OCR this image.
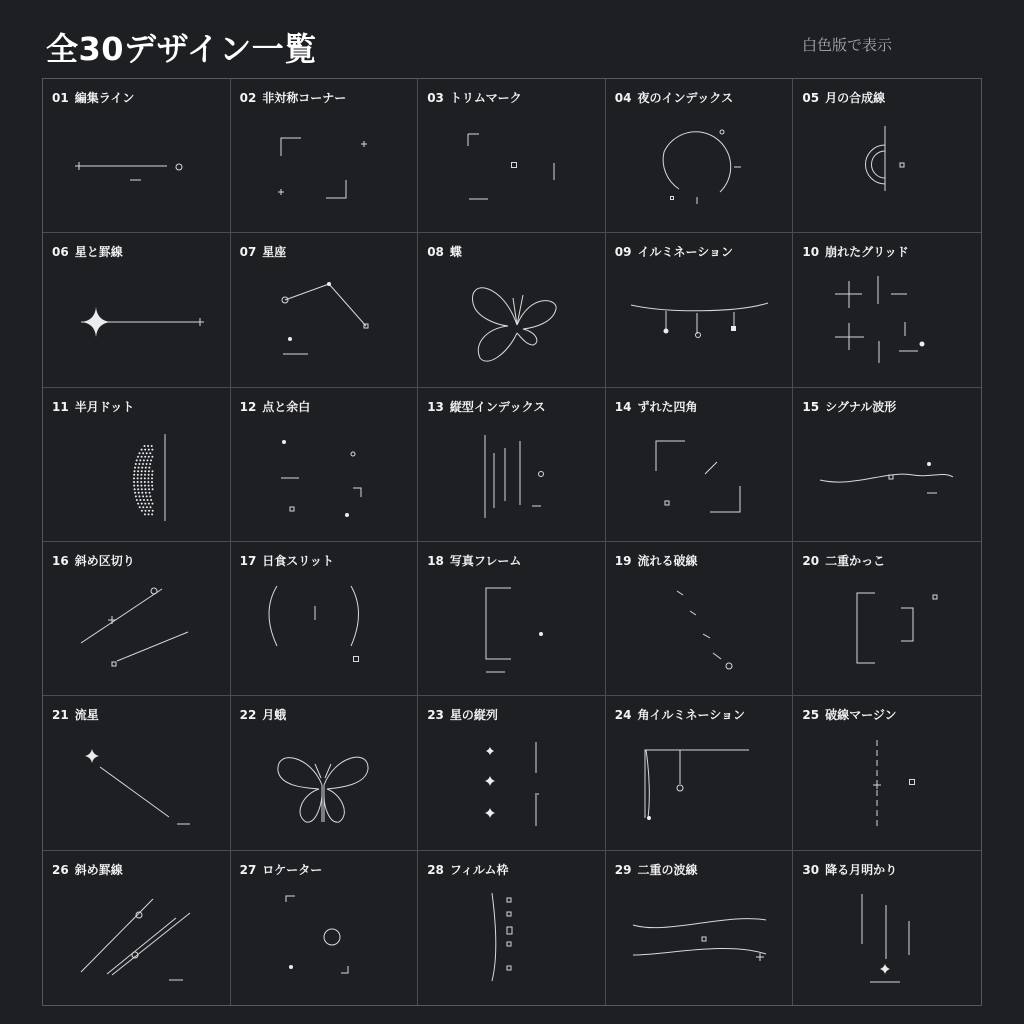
全30デザイン一覧	白色版で表示
01 編集ライン	02 非対称コーナー	03 トリムマーク	04 夜のインデックス	05 月の合成線
06 星と罫線	07 星座	08 蝶	09 イルミネーション	10 崩れたグリッド
11 半月ドット	12 点と余白	13 縦型インデックス	14 ずれた四角	15 シグナル波形
16 斜め区切り	17 日食スリット	18 写真フレーム	19 流れる破線	20 二重かっこ
21 流星	22 月蛾	23 星の縦列	24 角イルミネーション	25 破線マージン
26 斜め罫線	27 ロケーター	28 フィルム枠	29 二重の波線	30 降る月明かり
